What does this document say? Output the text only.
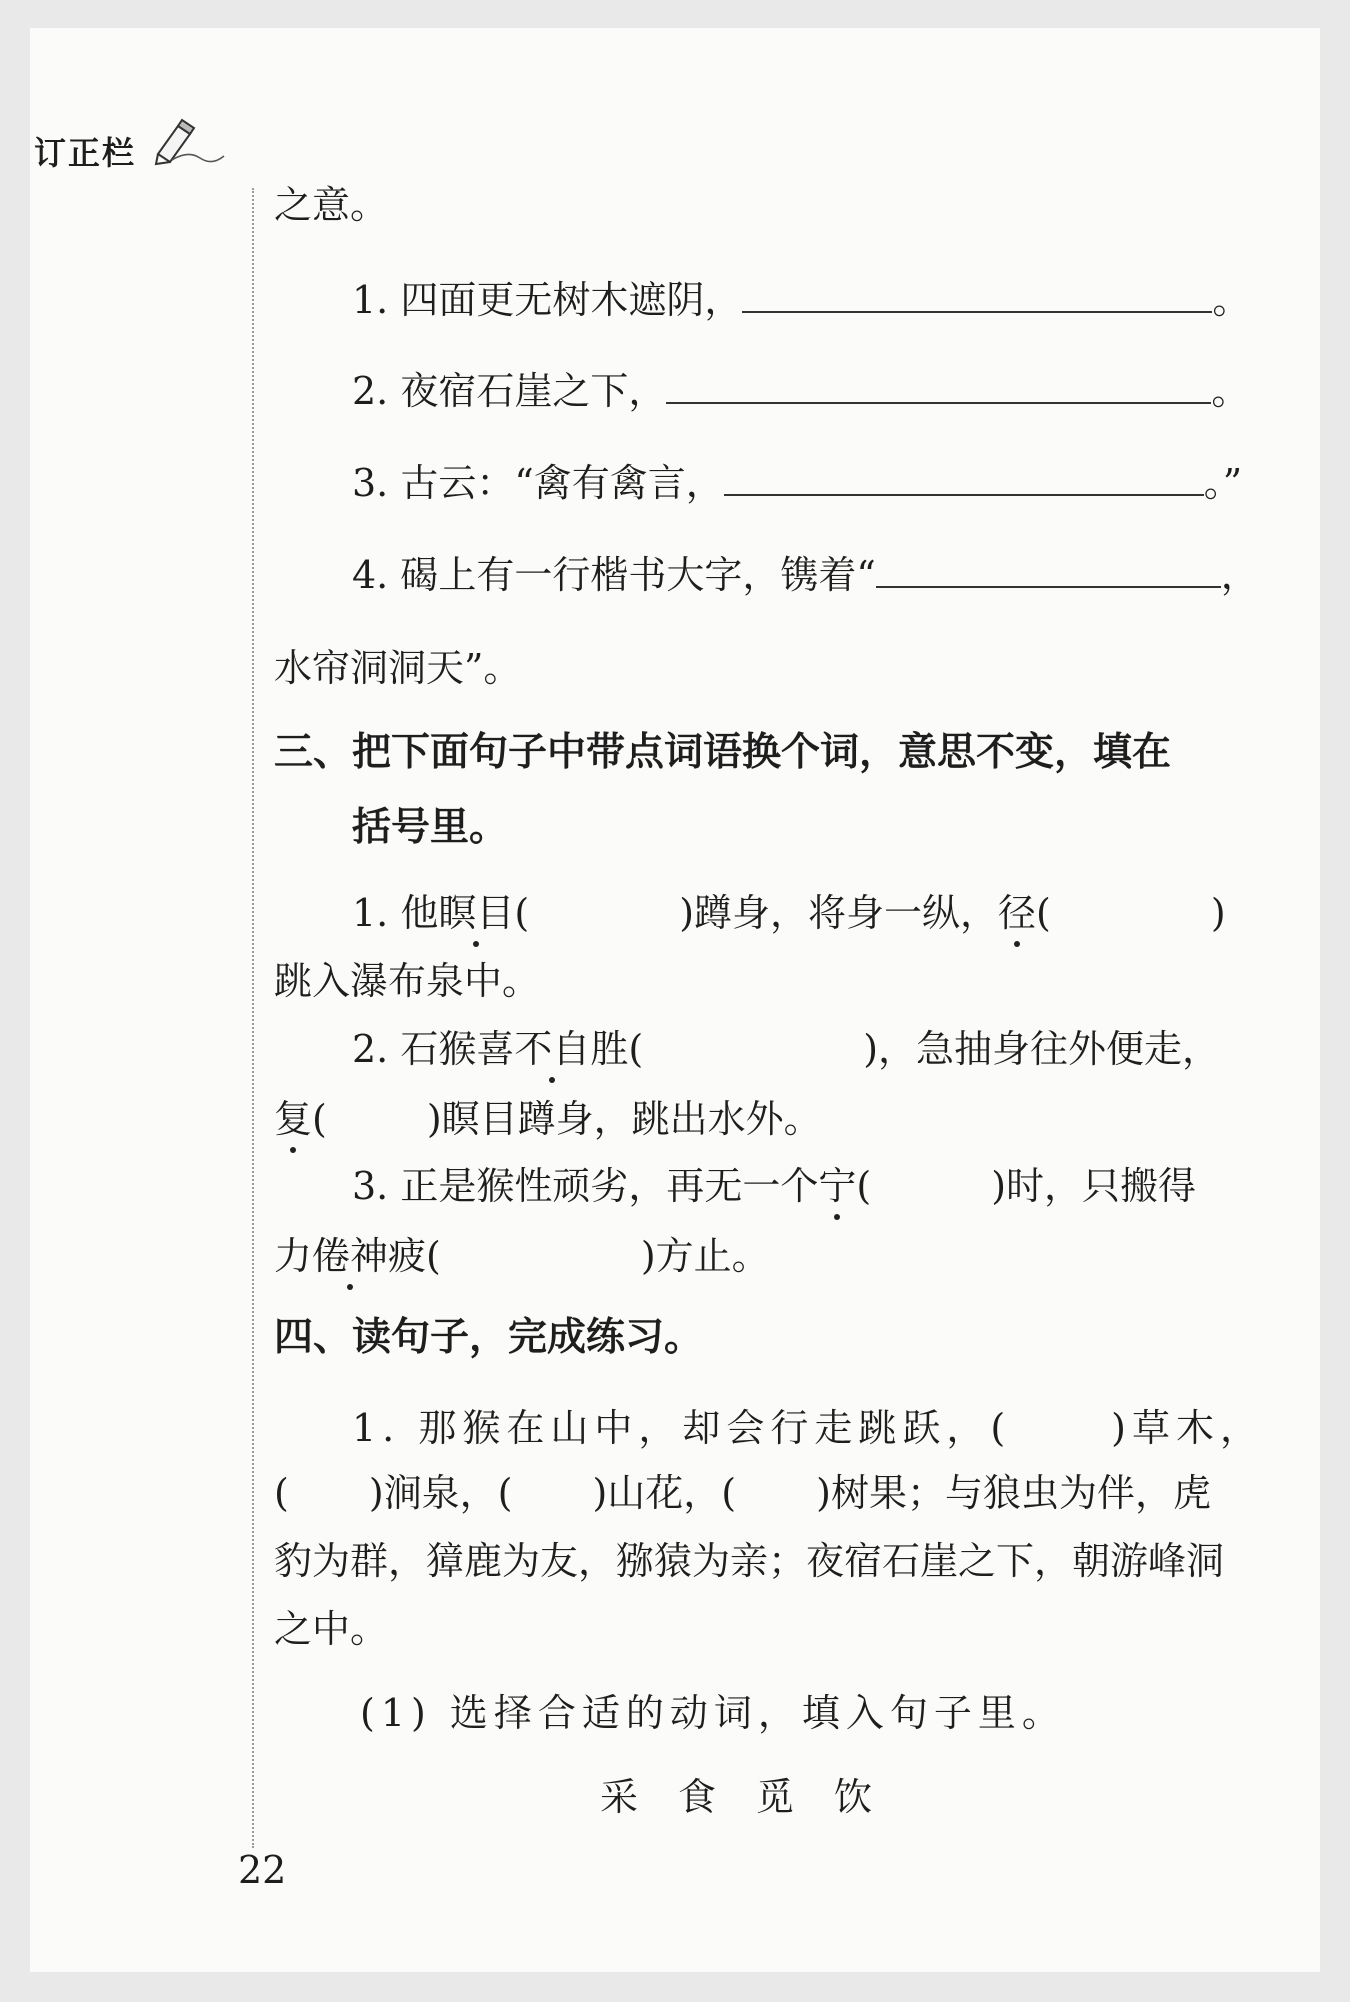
订正栏
之意。
1. 四面更无树木遮阴，	。
2. 夜宿石崖之下，	。
3. 古云：“禽有禽言，	。”
4. 碣上有一行楷书大字，镌着“	，
水帘洞洞天”。
三、把下面句子中带点词语换个词，意思不变，填在
括号里。
1. 他瞑目(	)蹲身，将身一纵，径(	)
跳入瀑布泉中。
2. 石猴喜不自胜(	)，急抽身往外便走，
复(	)瞑目蹲身，跳出水外。
3. 正是猴性顽劣，再无一个宁(	)时，只搬得
力倦神疲(	)方止。
四、读句子，完成练习。
1. 那猴在山中，却会行走跳跃，(	)草木，
( )涧泉，( )山花，( )树果；与狼虫为伴，虎
豹为群，獐鹿为友，猕猿为亲；夜宿石崖之下，朝游峰洞
之中。
(1) 选择合适的动词，填入句子里。
采食觅饮
22
